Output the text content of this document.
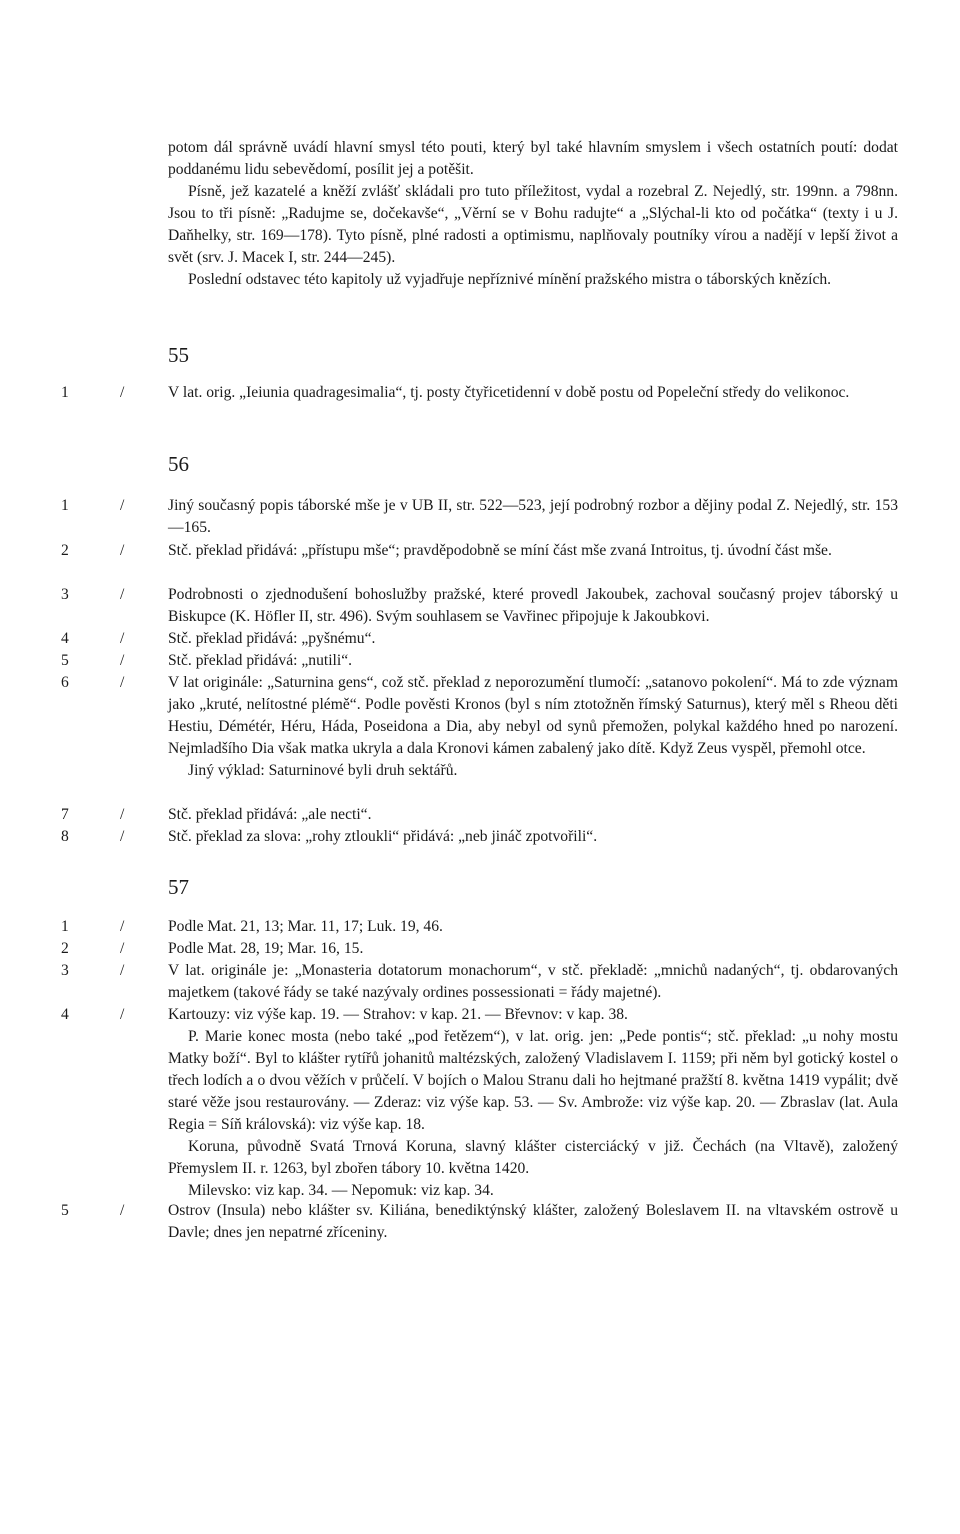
potom dál správně uvádí hlavní smysl této pouti, který byl také hlavním smyslem i všech ostatních poutí: dodat poddanému lidu sebevědomí, posílit jej a potěšit.

Písně, jež kazatelé a kněží zvlášť skládali pro tuto příležitost, vydal a rozebral Z. Nejedlý, str. 199nn. a 798nn. Jsou to tři písně: „Radujme se, dočekavše“, „Věrní se v Bohu radujte“ a „Slýchal-li kto od počátka“ (texty i u J. Daňhelky, str. 169—178). Tyto písně, plné radosti a optimismu, naplňovaly poutníky vírou a nadějí v lepší život a svět (srv. J. Macek I, str. 244—245).

Poslední odstavec této kapitoly už vyjadřuje nepříznivé mínění pražského mistra o táborských knězích.

55
1	/	V lat. orig. „Ieiunia quadragesimalia“, tj. posty čtyřicetidenní v době postu od Popeleční středy do velikonoc.

56
1	/	Jiný současný popis táborské mše je v UB II, str. 522—523, její podrobný rozbor a dějiny podal Z. Nejedlý, str. 153—165.

2	/	Stč. překlad přidává: „přístupu mše“; pravděpodobně se míní část mše zvaná Introitus, tj. úvodní část mše.

3	/	Podrobnosti o zjednodušení bohoslužby pražské, které provedl Jakoubek, zachoval současný projev táborský u Biskupce (K. Höfler II, str. 496). Svým souhlasem se Vavřinec připojuje k Jakoubkovi.

4	/	Stč. překlad přidává: „pyšnému“.

5	/	Stč. překlad přidává: „nutili“.

6	/	V lat originále: „Saturnina gens“, což stč. překlad z neporozumění tlumočí: „satanovo pokolení“. Má to zde význam jako „kruté, nelítostné plémě“. Podle pověsti Kronos (byl s ním ztotožněn římský Saturnus), který měl s Rheou děti Hestiu, Démétér, Héru, Háda, Poseidona a Dia, aby nebyl od synů přemožen, polykal každého hned po narození. Nejmladšího Dia však matka ukryla a dala Kronovi kámen zabalený jako dítě. Když Zeus vyspěl, přemohl otce.

Jiný výklad: Saturninové byli druh sektářů.

7	/	Stč. překlad přidává: „ale necti“.

8	/	Stč. překlad za slova: „rohy ztloukli“ přidává: „neb jináč zpotvořili“.

57
1	/	Podle Mat. 21, 13; Mar. 11, 17; Luk. 19, 46.

2	/	Podle Mat. 28, 19; Mar. 16, 15.

3	/	V lat. originále je: „Monasteria dotatorum monachorum“, v stč. překladě: „mnichů nadaných“, tj. obdarovaných majetkem (takové řády se také nazývaly ordines possessionati = řády majetné).

4	/	Kartouzy: viz výše kap. 19. — Strahov: v kap. 21. — Břevnov: v kap. 38.

P. Marie konec mosta (nebo také „pod řetězem“), v lat. orig. jen: „Pede pontis“; stč. překlad: „u nohy mostu Matky boží“. Byl to klášter rytířů johanitů maltézských, založený Vladislavem I. 1159; při něm byl gotický kostel o třech lodích a o dvou věžích v průčelí. V bojích o Malou Stranu dali ho hejtmané pražští 8. května 1419 vypálit; dvě staré věže jsou restaurovány. — Zderaz: viz výše kap. 53. — Sv. Ambrože: viz výše kap. 20. — Zbraslav (lat. Aula Regia = Síň královská): viz výše kap. 18.

Koruna, původně Svatá Trnová Koruna, slavný klášter cisterciácký v již. Čechách (na Vltavě), založený Přemyslem II. r. 1263, byl zbořen tábory 10. května 1420.

Milevsko: viz kap. 34. — Nepomuk: viz kap. 34.

5	/	Ostrov (Insula) nebo klášter sv. Kiliána, benediktýnský klášter, založený Boleslavem II. na vltavském ostrově u Davle; dnes jen nepatrné zříceniny.
